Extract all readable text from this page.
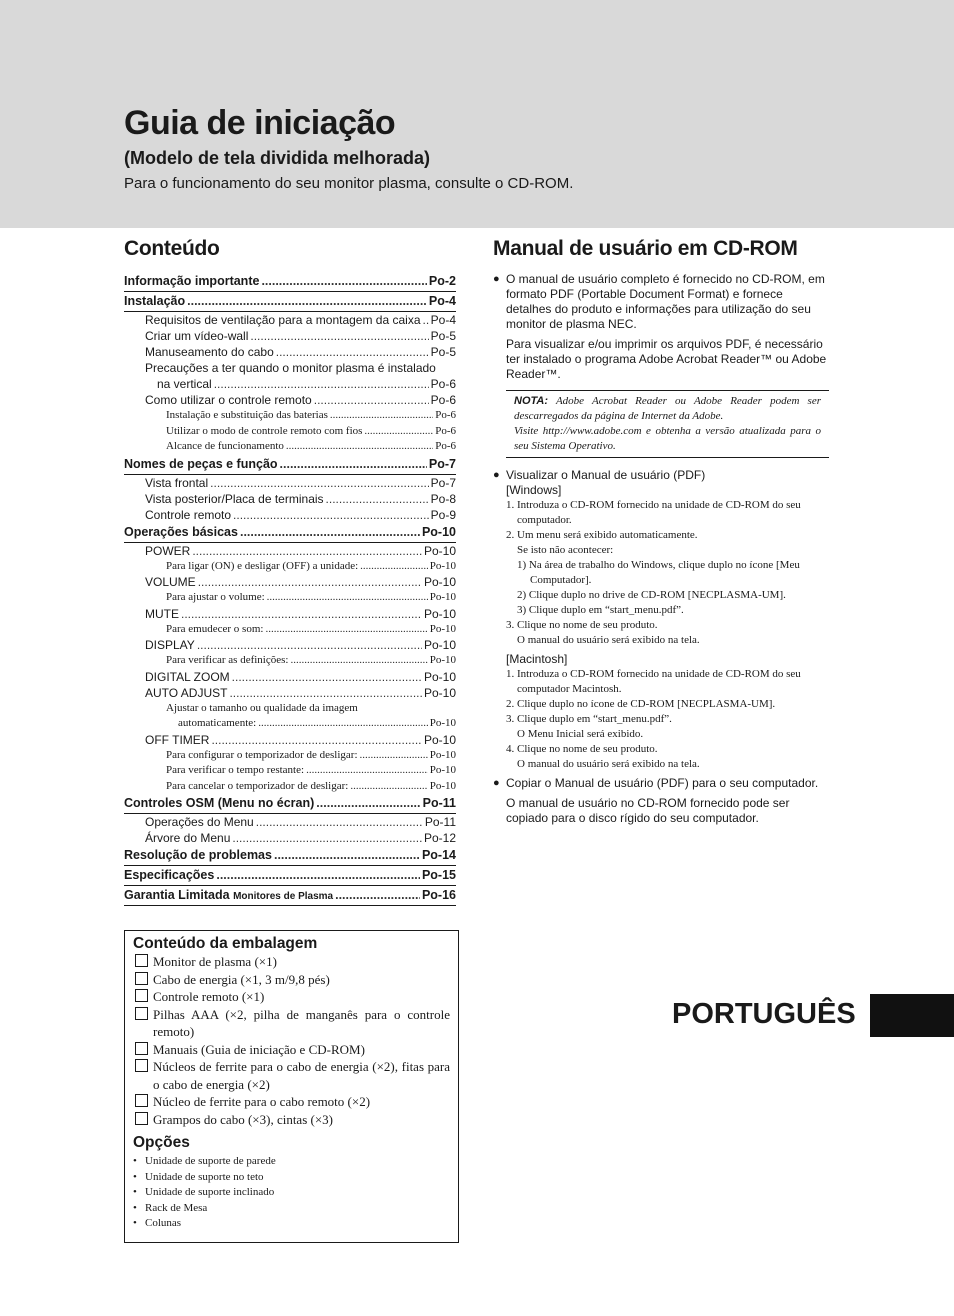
Guia de iniciação
(Modelo de tela dividida melhorada)

Para o funcionamento do seu monitor plasma, consulte o CD-ROM.

Conteúdo
Informação importante .....	Po-2
Instalação .....	Po-4
Requisitos de ventilação para a montagem da caixa ..... Po-4
Criar um vídeo-wall .....	Po-5
Manuseamento do cabo .....	Po-5
Precauções a ter quando o monitor plasma é instalado
na vertical .....	Po-6
Como utilizar o controle remoto .....	Po-6
Instalação e substituição das baterias .....	Po-6
Utilizar o modo de controle remoto com fios .....	Po-6
Alcance de funcionamento .....	Po-6
Nomes de peças e função .....	Po-7
Vista frontal .....	Po-7
Vista posterior/Placa de terminais .....	Po-8
Controle remoto .....	Po-9
Operações básicas .....	Po-10
POWER .....	Po-10
Para ligar (ON) e desligar (OFF) a unidade: .....	Po-10
VOLUME .....	Po-10
Para ajustar o volume: .....	Po-10
MUTE .....	Po-10
Para emudecer o som: .....	Po-10
DISPLAY .....	Po-10
Para verificar as definições: .....	Po-10
DIGITAL ZOOM .....	Po-10
AUTO ADJUST .....	Po-10
Ajustar o tamanho ou qualidade da imagem
automaticamente: .....	Po-10
OFF TIMER .....	Po-10
Para configurar o temporizador de desligar: .....	Po-10
Para verificar o tempo restante: .....	Po-10
Para cancelar o temporizador de desligar: .....	Po-10
Controles OSM (Menu no écran) .....	Po-11
Operações do Menu .....	Po-11
Árvore do Menu .....	Po-12
Resolução de problemas .....	Po-14
Especificações .....	Po-15
Garantia Limitada Monitores de Plasma .....	Po-16
Conteúdo da embalagem
Monitor de plasma (×1)
Cabo de energia (×1, 3 m/9,8 pés)
Controle remoto (×1)
Pilhas AAA (×2, pilha de manganês para o controle remoto)
Manuais (Guia de iniciação e CD-ROM)
Núcleos de ferrite para o cabo de energia (×2), fitas para o cabo de energia (×2)
Núcleo de ferrite para o cabo remoto (×2)
Grampos do cabo (×3), cintas (×3)
Opções
• Unidade de suporte de parede
• Unidade de suporte no teto
• Unidade de suporte inclinado
• Rack de Mesa
• Colunas
Manual de usuário em CD-ROM
● O manual de usuário completo é fornecido no CD-ROM, em formato PDF (Portable Document Format) e fornece detalhes do produto e informações para utilização do seu monitor de plasma NEC.
Para visualizar e/ou imprimir os arquivos PDF, é necessário ter instalado o programa Adobe Acrobat Reader™ ou Adobe Reader™.
NOTA: Adobe Acrobat Reader ou Adobe Reader podem ser descarregados da página de Internet da Adobe.
Visite http://www.adobe.com e obtenha a versão atualizada para o seu Sistema Operativo.
● Visualizar o Manual de usuário (PDF)
[Windows]
1. Introduza o CD-ROM fornecido na unidade de CD-ROM do seu computador.
2. Um menu será exibido automaticamente.
Se isto não acontecer:
1) Na área de trabalho do Windows, clique duplo no ícone [Meu Computador].
2) Clique duplo no drive de CD-ROM [NECPLASMA-UM].
3) Clique duplo em “start_menu.pdf”.
3. Clique no nome de seu produto.
O manual do usuário será exibido na tela.
[Macintosh]
1. Introduza o CD-ROM fornecido na unidade de CD-ROM do seu computador Macintosh.
2. Clique duplo no ícone de CD-ROM [NECPLASMA-UM].
3. Clique duplo em “start_menu.pdf”.
O Menu Inicial será exibido.
4. Clique no nome de seu produto.
O manual do usuário será exibido na tela.
● Copiar o Manual de usuário (PDF) para o seu computador.
O manual de usuário no CD-ROM fornecido pode ser copiado para o disco rígido do seu computador.
PORTUGUÊS
